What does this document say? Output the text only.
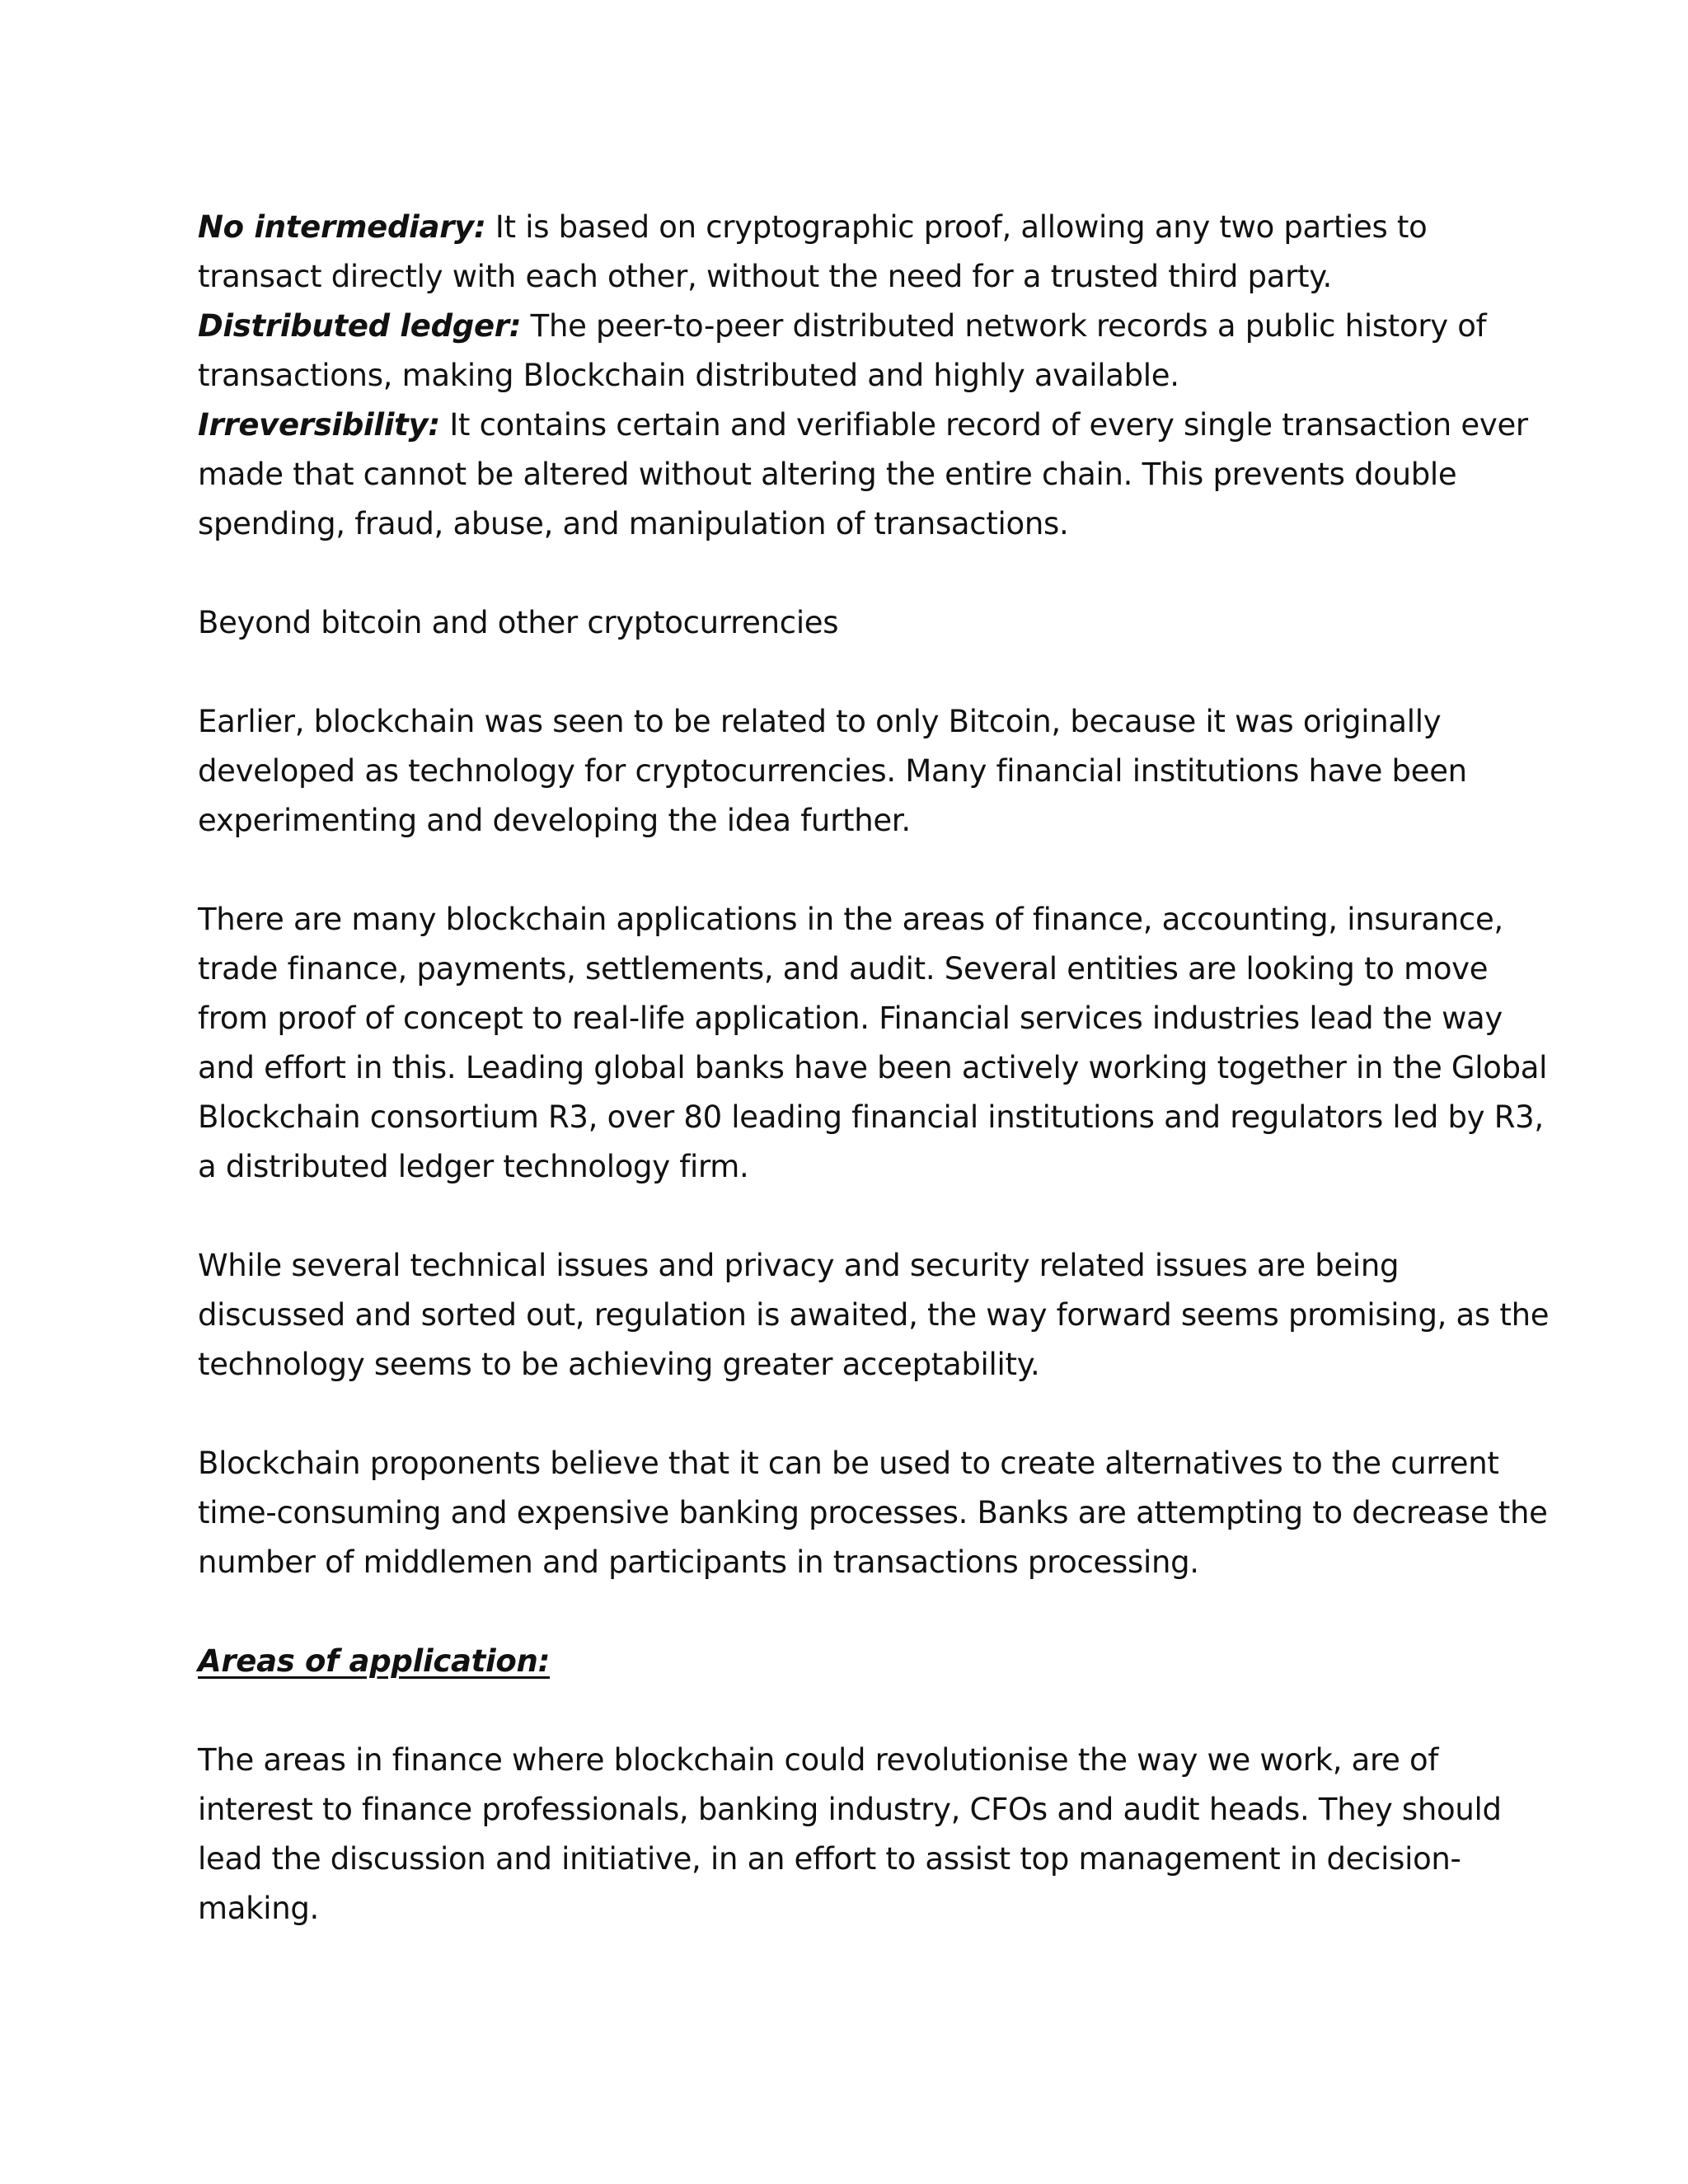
No intermediary: It is based on cryptographic proof, allowing any two parties to transact directly with each other, without the need for a trusted third party.

Distributed ledger: The peer-to-peer distributed network records a public history of transactions, making Blockchain distributed and highly available.

Irreversibility: It contains certain and verifiable record of every single transaction ever made that cannot be altered without altering the entire chain. This prevents double spending, fraud, abuse, and manipulation of transactions.

Beyond bitcoin and other cryptocurrencies

Earlier, blockchain was seen to be related to only Bitcoin, because it was originally developed as technology for cryptocurrencies. Many financial institutions have been experimenting and developing the idea further.

There are many blockchain applications in the areas of finance, accounting, insurance, trade finance, payments, settlements, and audit. Several entities are looking to move from proof of concept to real-life application. Financial services industries lead the way and effort in this. Leading global banks have been actively working together in the Global Blockchain consortium R3, over 80 leading financial institutions and regulators led by R3, a distributed ledger technology firm.

While several technical issues and privacy and security related issues are being discussed and sorted out, regulation is awaited, the way forward seems promising, as the technology seems to be achieving greater acceptability.

Blockchain proponents believe that it can be used to create alternatives to the current time-consuming and expensive banking processes. Banks are attempting to decrease the number of middlemen and participants in transactions processing.

Areas of application:

The areas in finance where blockchain could revolutionise the way we work, are of interest to finance professionals, banking industry, CFOs and audit heads. They should lead the discussion and initiative, in an effort to assist top management in decision-making.
